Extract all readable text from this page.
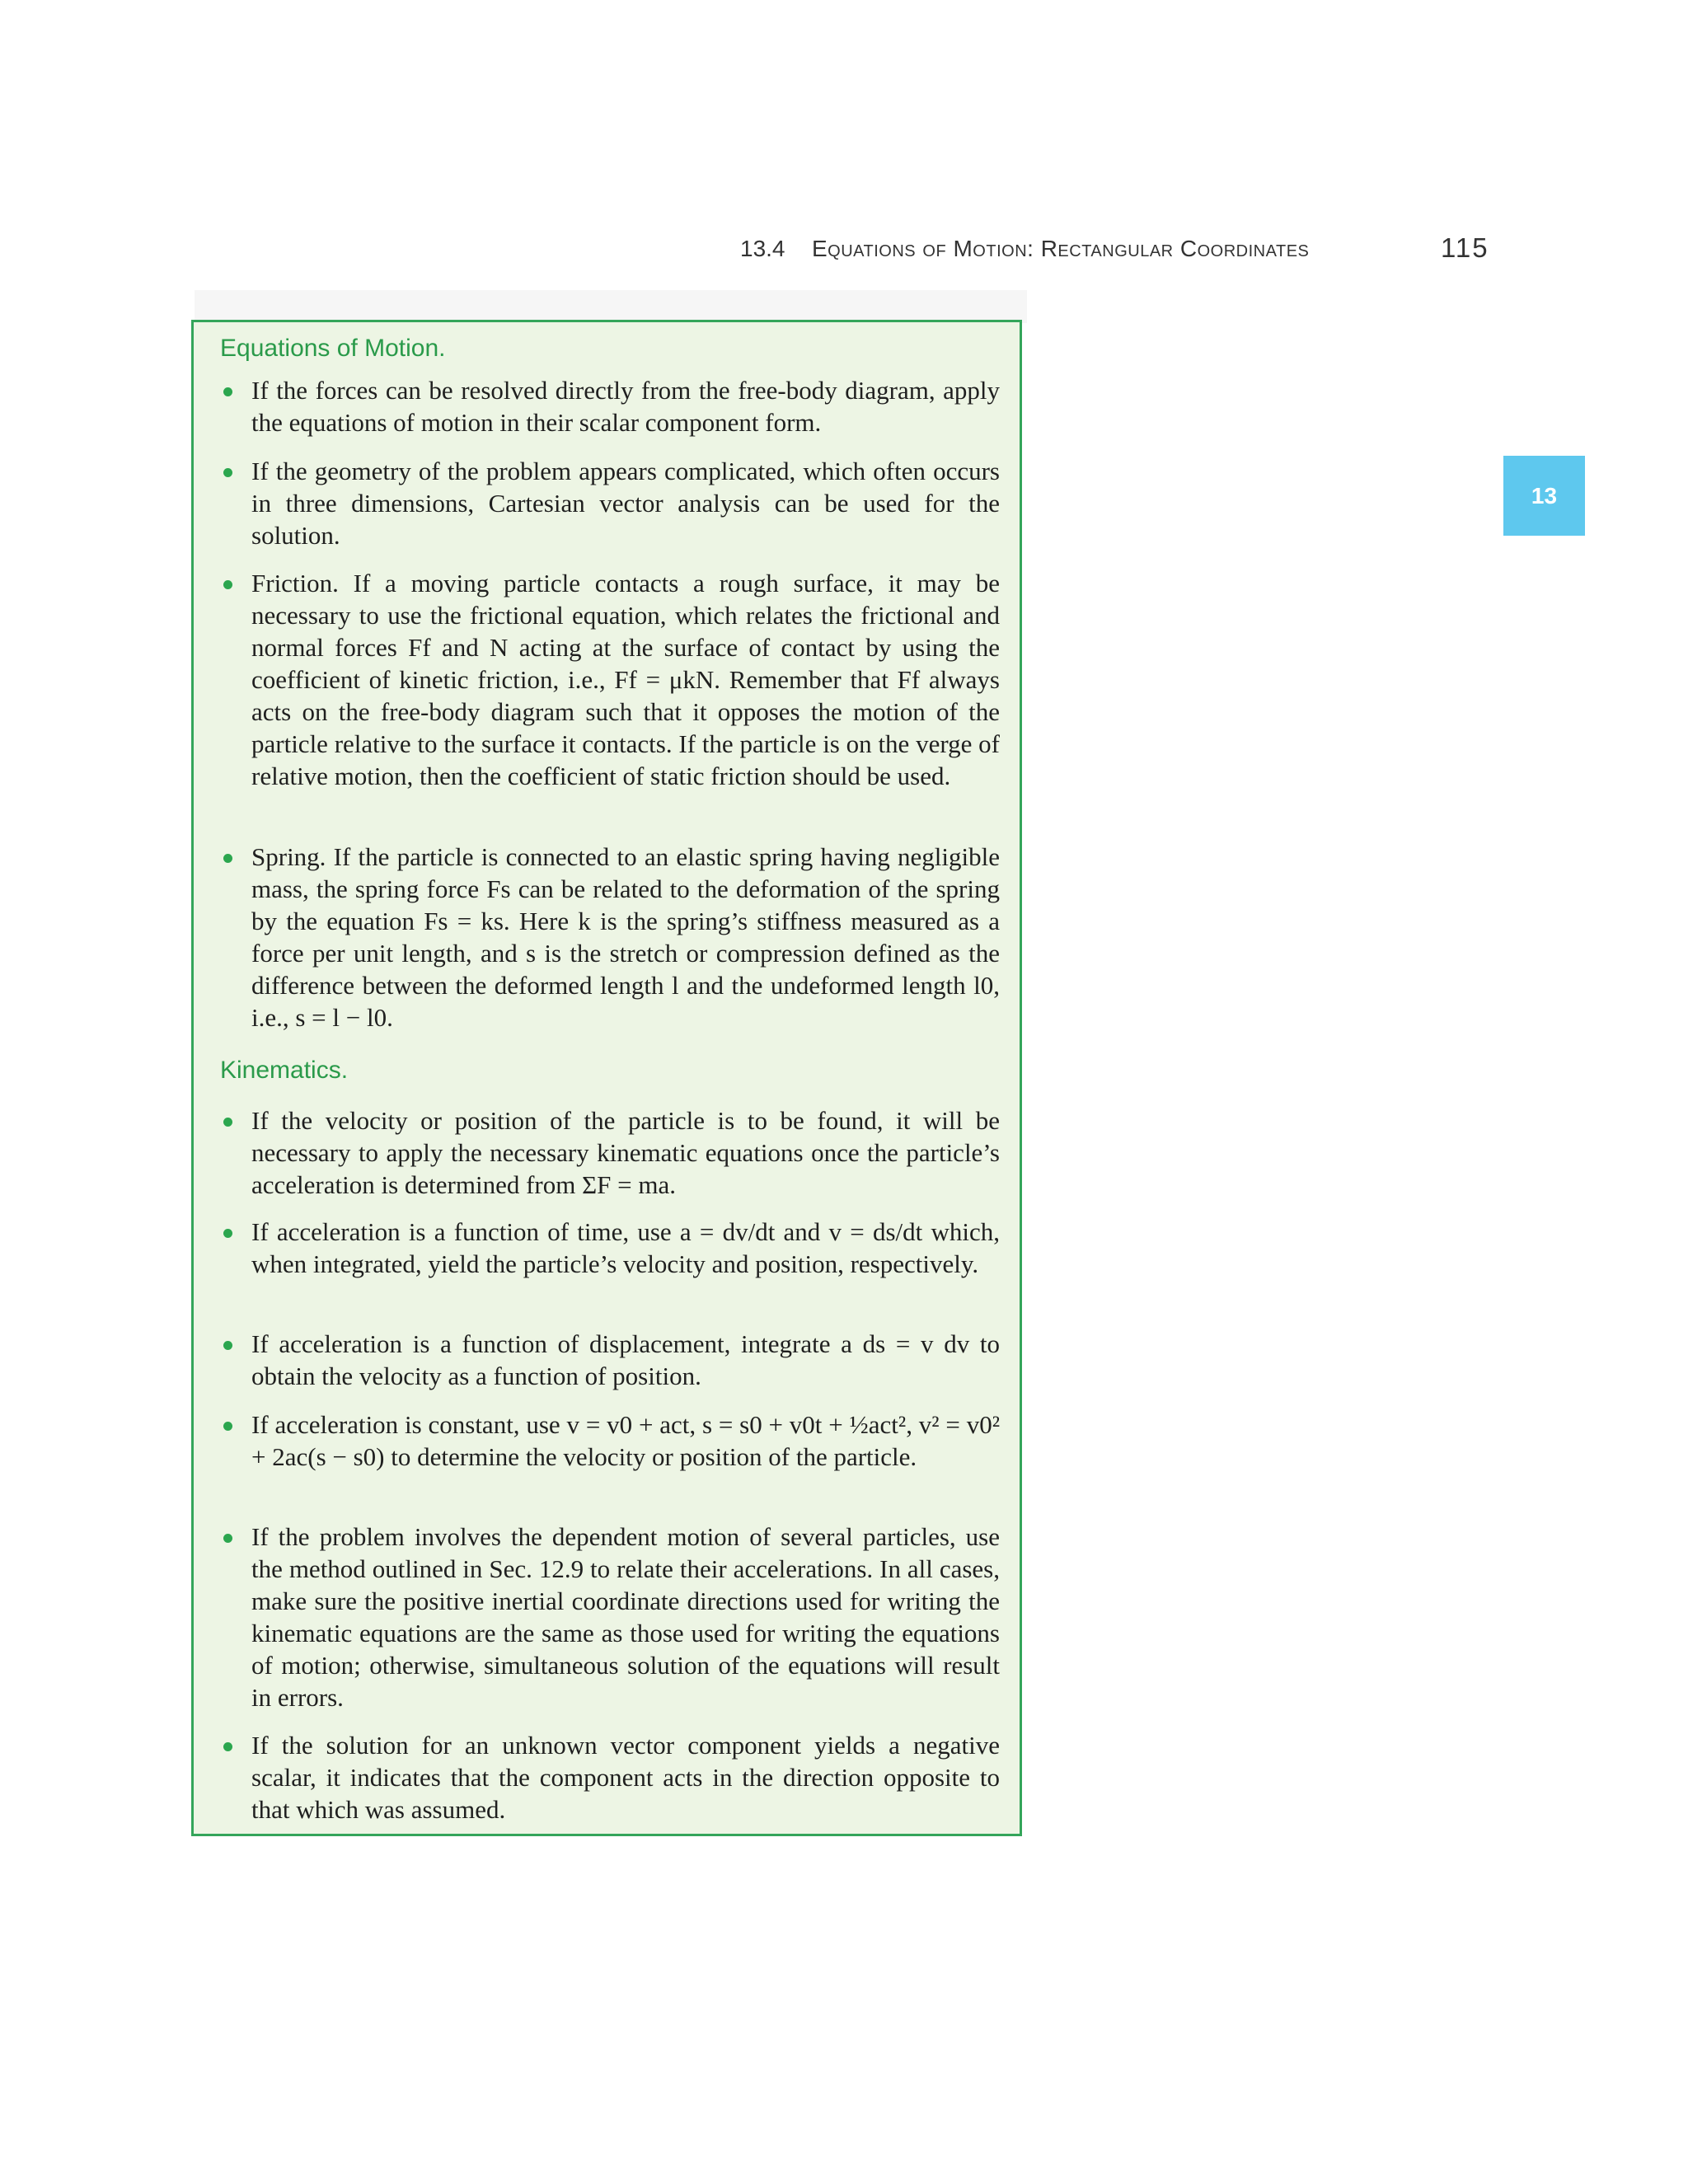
13.4 Equations of Motion: Rectangular Coordinates	115
13
Equations of Motion.
If the forces can be resolved directly from the free-body diagram, apply the equations of motion in their scalar component form.
If the geometry of the problem appears complicated, which often occurs in three dimensions, Cartesian vector analysis can be used for the solution.
Friction. If a moving particle contacts a rough surface, it may be necessary to use the frictional equation, which relates the frictional and normal forces Ff and N acting at the surface of contact by using the coefficient of kinetic friction, i.e., Ff = μkN. Remember that Ff always acts on the free-body diagram such that it opposes the motion of the particle relative to the surface it contacts. If the particle is on the verge of relative motion, then the coefficient of static friction should be used.
Spring. If the particle is connected to an elastic spring having negligible mass, the spring force Fs can be related to the deformation of the spring by the equation Fs = ks. Here k is the spring’s stiffness measured as a force per unit length, and s is the stretch or compression defined as the difference between the deformed length l and the undeformed length l0, i.e., s = l − l0.
Kinematics.
If the velocity or position of the particle is to be found, it will be necessary to apply the necessary kinematic equations once the particle’s acceleration is determined from ΣF = ma.
If acceleration is a function of time, use a = dv/dt and v = ds/dt which, when integrated, yield the particle’s velocity and position, respectively.
If acceleration is a function of displacement, integrate a ds = v dv to obtain the velocity as a function of position.
If acceleration is constant, use v = v0 + act, s = s0 + v0t + ½act², v² = v0² + 2ac(s − s0) to determine the velocity or position of the particle.
If the problem involves the dependent motion of several particles, use the method outlined in Sec. 12.9 to relate their accelerations. In all cases, make sure the positive inertial coordinate directions used for writing the kinematic equations are the same as those used for writing the equations of motion; otherwise, simultaneous solution of the equations will result in errors.
If the solution for an unknown vector component yields a negative scalar, it indicates that the component acts in the direction opposite to that which was assumed.
